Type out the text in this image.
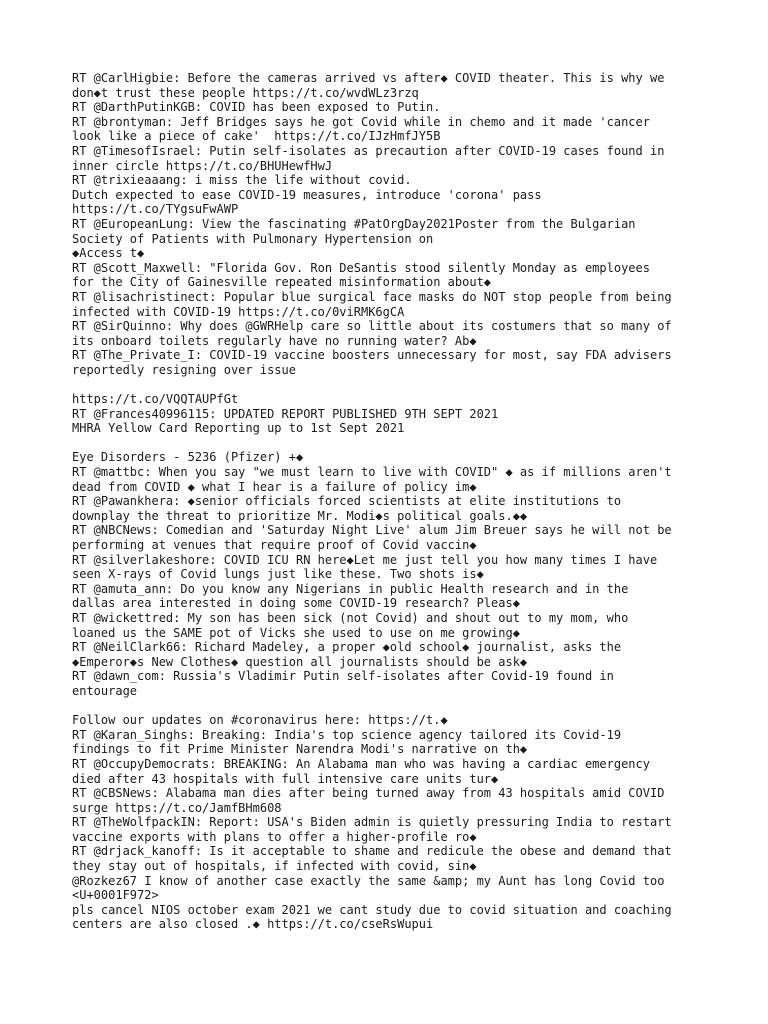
RT @CarlHigbie: Before the cameras arrived vs after◆ COVID theater. This is why we
don◆t trust these people https://t.co/wvdWLz3rzq
RT @DarthPutinKGB: COVID has been exposed to Putin.
RT @brontyman: Jeff Bridges says he got Covid while in chemo and it made 'cancer
look like a piece of cake'  https://t.co/IJzHmfJY5B
RT @TimesofIsrael: Putin self-isolates as precaution after COVID-19 cases found in
inner circle https://t.co/BHUHewfHwJ
RT @trixieaaang: i miss the life without covid.
Dutch expected to ease COVID-19 measures, introduce 'corona' pass
https://t.co/TYgsuFwAWP
RT @EuropeanLung: View the fascinating #PatOrgDay2021Poster from the Bulgarian
Society of Patients with Pulmonary Hypertension on
◆Access t◆
RT @Scott_Maxwell: "Florida Gov. Ron DeSantis stood silently Monday as employees
for the City of Gainesville repeated misinformation about◆
RT @lisachristinect: Popular blue surgical face masks do NOT stop people from being
infected with COVID-19 https://t.co/0viRMK6gCA
RT @SirQuinno: Why does @GWRHelp care so little about its costumers that so many of
its onboard toilets regularly have no running water? Ab◆
RT @The_Private_I: COVID-19 vaccine boosters unnecessary for most, say FDA advisers
reportedly resigning over issue
https://t.co/VQQTAUPfGt
RT @Frances40996115: UPDATED REPORT PUBLISHED 9TH SEPT 2021
MHRA Yellow Card Reporting up to 1st Sept 2021
Eye Disorders - 5236 (Pfizer) +◆
RT @mattbc: When you say "we must learn to live with COVID" ◆ as if millions aren't
dead from COVID ◆ what I hear is a failure of policy im◆
RT @Pawankhera: ◆senior officials forced scientists at elite institutions to
downplay the threat to prioritize Mr. Modi◆s political goals.◆◆
RT @NBCNews: Comedian and 'Saturday Night Live' alum Jim Breuer says he will not be
performing at venues that require proof of Covid vaccin◆
RT @silverlakeshore: COVID ICU RN here◆Let me just tell you how many times I have
seen X-rays of Covid lungs just like these. Two shots is◆
RT @amuta_ann: Do you know any Nigerians in public Health research and in the
dallas area interested in doing some COVID-19 research? Pleas◆
RT @wickettred: My son has been sick (not Covid) and shout out to my mom, who
loaned us the SAME pot of Vicks she used to use on me growing◆
RT @NeilClark66: Richard Madeley, a proper ◆old school◆ journalist, asks the
◆Emperor◆s New Clothes◆ question all journalists should be ask◆
RT @dawn_com: Russia's Vladimir Putin self-isolates after Covid-19 found in
entourage
Follow our updates on #coronavirus here: https://t.◆
RT @Karan_Singhs: Breaking: India's top science agency tailored its Covid-19
findings to fit Prime Minister Narendra Modi's narrative on th◆
RT @OccupyDemocrats: BREAKING: An Alabama man who was having a cardiac emergency
died after 43 hospitals with full intensive care units tur◆
RT @CBSNews: Alabama man dies after being turned away from 43 hospitals amid COVID
surge https://t.co/JamfBHm608
RT @TheWolfpackIN: Report: USA's Biden admin is quietly pressuring India to restart
vaccine exports with plans to offer a higher-profile ro◆
RT @drjack_kanoff: Is it acceptable to shame and redicule the obese and demand that
they stay out of hospitals, if infected with covid, sin◆
@Rozkez67 I know of another case exactly the same &amp; my Aunt has long Covid too
<U+0001F972>
pls cancel NIOS october exam 2021 we cant study due to covid situation and coaching
centers are also closed .◆ https://t.co/cseRsWupui
